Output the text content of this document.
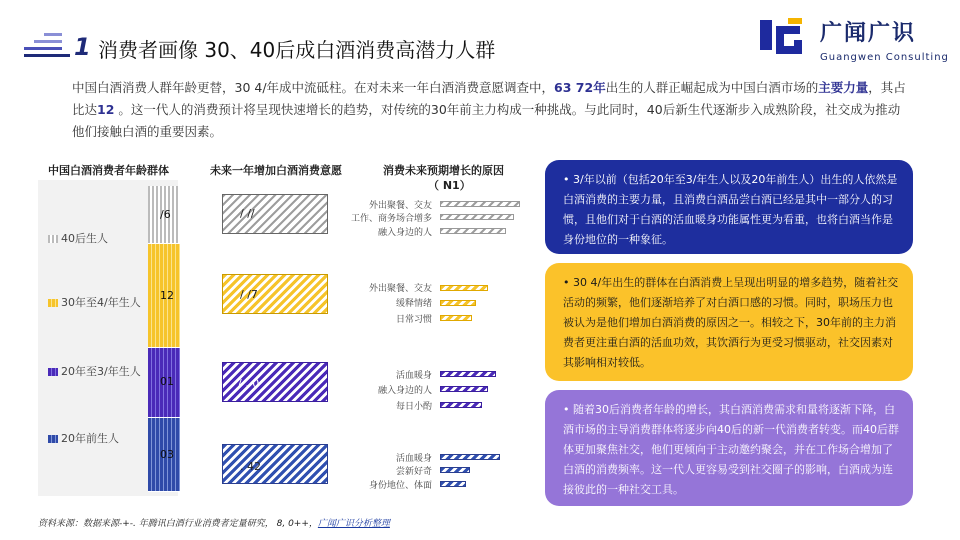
1 消费者画像 30、40后成白酒消费高潜力人群
广闻广识
Guangwen Consulting
中国白酒消费人群年龄更替，30 4/年成中流砥柱。在对未来一年白酒消费意愿调查中，63 72年出生的人群正崛起成为中国白酒市场的主要力量，其占比达12 。这一代人的消费预计将呈现快速增长的趋势，对传统的30年前主力构成一种挑战。与此同时，40后新生代逐渐步入成熟阶段，社交成为推动他们接触白酒的重要因素。
中国白酒消费者年龄群体	未来一年增加白酒消费意愿	消费未来预期增长的原因
（ N1）
/6
12
01
03
40后生人
30年至4/年生人
20年至3/年生人
20年前生人
/ //
/ /7
/ , 0
. 42
外出聚餐、交友
工作、商务场合增多
融入身边的人
外出聚餐、交友
缓释情绪
日常习惯
活血暖身
融入身边的人
每日小酌
活血暖身
尝新好奇
身份地位、体面
• 3/年以前（包括20年至3/年生人以及20年前生人）出生的人依然是白酒消费的主要力量，且消费白酒品尝白酒已经是其中一部分人的习惯，且他们对于白酒的活血暖身功能属性更为看重，也将白酒当作是身份地位的一种象征。
• 30 4/年出生的群体在白酒消费上呈现出明显的增多趋势，随着社交活动的频繁，他们逐渐培养了对白酒口感的习惯。同时，职场压力也被认为是他们增加白酒消费的原因之一。相较之下，30年前的主力消费者更注重白酒的活血功效，其饮酒行为更受习惯驱动，社交因素对其影响相对较低。
• 随着30后消费者年龄的增长，其白酒消费需求和量将逐渐下降，白酒市场的主导消费群体将逐步向40后的新一代消费者转变。而40后群体更加聚焦社交，他们更倾向于主动邀约聚会，并在工作场合增加了白酒的消费频率。这一代人更容易受到社交圈子的影响，白酒成为连接彼此的一种社交工具。
资料来源：数据来源-+-. 年腾讯白酒行业消费者定量研究， 8, 0++，广闻广识分析整理
